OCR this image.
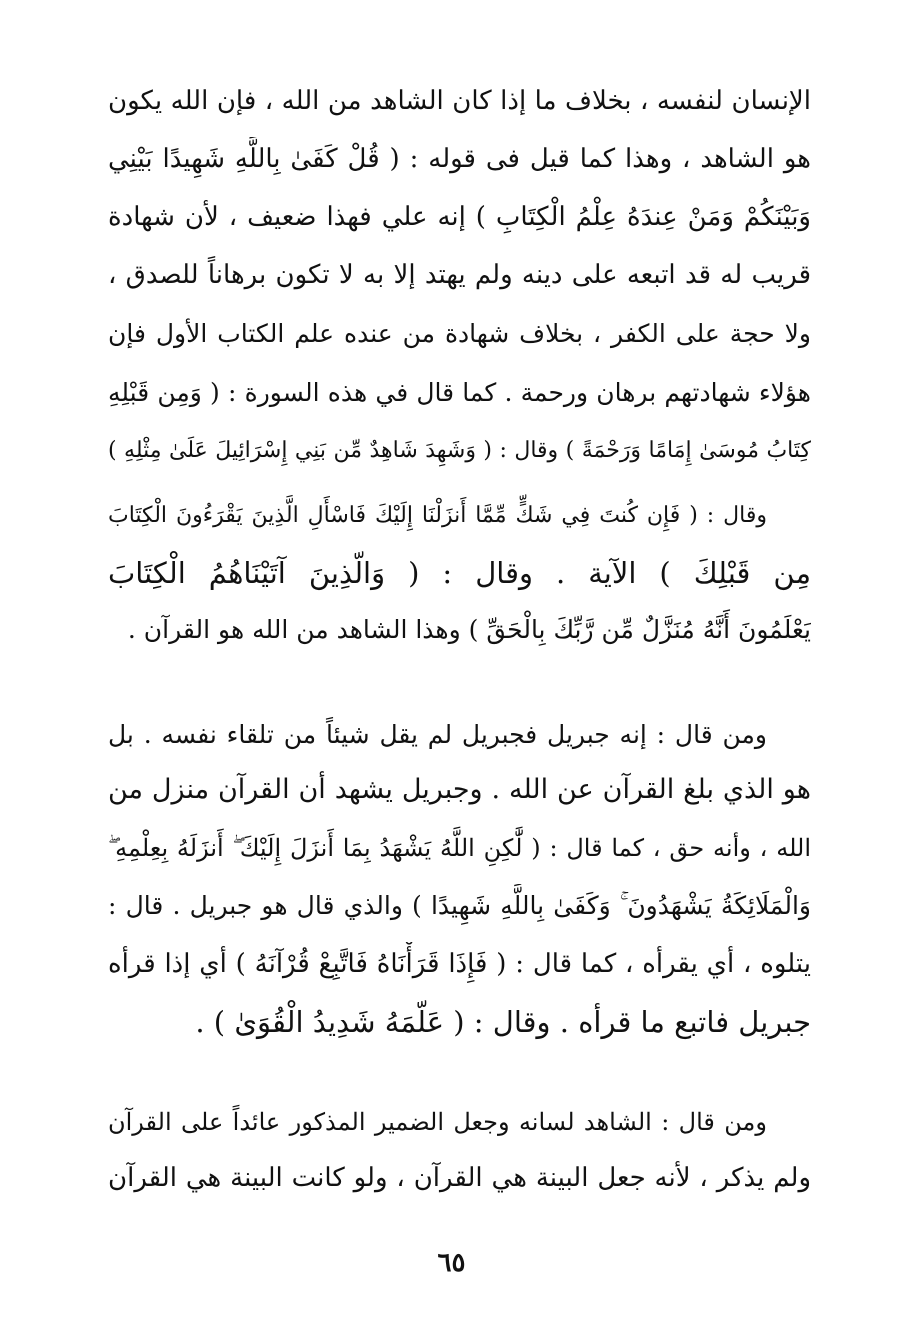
الإنسان لنفسه ، بخلاف ما إذا كان الشاهد من الله ، فإن الله يكون
هو الشاهد ، وهذا كما قيل فى قوله : ( قُلْ كَفَىٰ بِاللَّهِ شَهِيدًا بَيْنِي
وَبَيْنَكُمْ وَمَنْ عِندَهُ عِلْمُ الْكِتَابِ ) إنه علي فهذا ضعيف ، لأن شهادة
قريب له قد اتبعه على دينه ولم يهتد إلا به لا تكون برهاناً للصدق ،
ولا حجة على الكفر ، بخلاف شهادة من عنده علم الكتاب الأول فإن
هؤلاء شهادتهم برهان ورحمة . كما قال في هذه السورة : ( وَمِن قَبْلِهِ
كِتَابُ مُوسَىٰ إِمَامًا وَرَحْمَةً ) وقال : ( وَشَهِدَ شَاهِدٌ مِّن بَنِي إِسْرَائِيلَ عَلَىٰ مِثْلِهِ )
وقال : ( فَإِن كُنتَ فِي شَكٍّ مِّمَّا أَنزَلْنَا إِلَيْكَ فَاسْأَلِ الَّذِينَ يَقْرَءُونَ الْكِتَابَ
مِن قَبْلِكَ ) الآية . وقال : ( وَالَّذِينَ آتَيْنَاهُمُ الْكِتَابَ
يَعْلَمُونَ أَنَّهُ مُنَزَّلٌ مِّن رَّبِّكَ بِالْحَقِّ ) وهذا الشاهد من الله هو القرآن .
ومن قال : إنه جبريل فجبريل لم يقل شيئاً من تلقاء نفسه . بل
هو الذي بلغ القرآن عن الله . وجبريل يشهد أن القرآن منزل من
الله ، وأنه حق ، كما قال : ( لَّٰكِنِ اللَّهُ يَشْهَدُ بِمَا أَنزَلَ إِلَيْكَ ۖ أَنزَلَهُ بِعِلْمِهِ ۖ
وَالْمَلَائِكَةُ يَشْهَدُونَ ۚ وَكَفَىٰ بِاللَّهِ شَهِيدًا ) والذي قال هو جبريل . قال :
يتلوه ، أي يقرأه ، كما قال : ( فَإِذَا قَرَأْنَاهُ فَاتَّبِعْ قُرْآنَهُ ) أي إذا قرأه
جبريل فاتبع ما قرأه . وقال : ( عَلَّمَهُ شَدِيدُ الْقُوَىٰ ) .
ومن قال : الشاهد لسانه وجعل الضمير المذكور عائداً على القرآن
ولم يذكر ، لأنه جعل البينة هي القرآن ، ولو كانت البينة هي القرآن
٦٥
